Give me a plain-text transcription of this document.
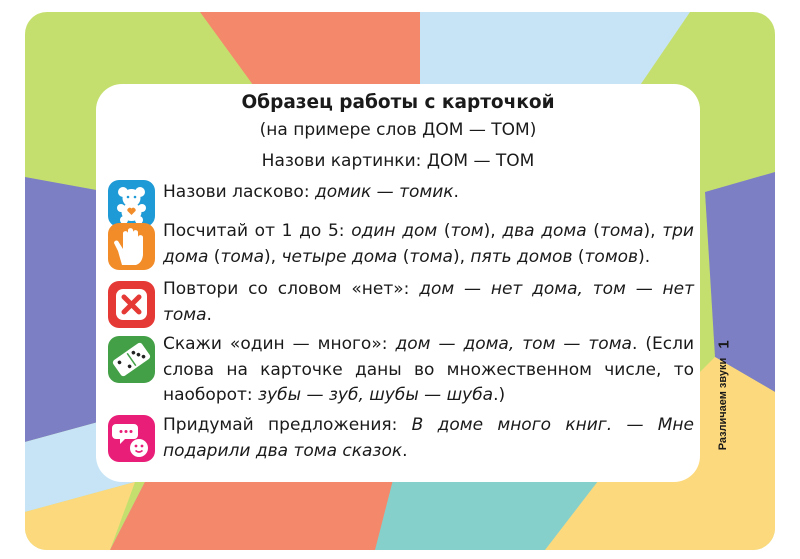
Образец работы с карточкой
(на примере слов ДОМ — ТОМ)
Назови картинки: ДОМ — ТОМ
Назови ласково: домик — томик.
Посчитай от 1 до 5: один дом (том), два дома (тома), три дома (тома), четыре дома (тома), пять домов (томов).
Повтори со словом «нет»: дом — нет дома, том — нет тома.
Скажи «один — много»: дом — дома, том — тома. (Если слова на карточке даны во множественном числе, то наоборот: зубы — зуб, шубы — шуба.)
Придумай предложения: В доме много книг. — Мне подарили два тома сказок.
1
Различаем звуки
